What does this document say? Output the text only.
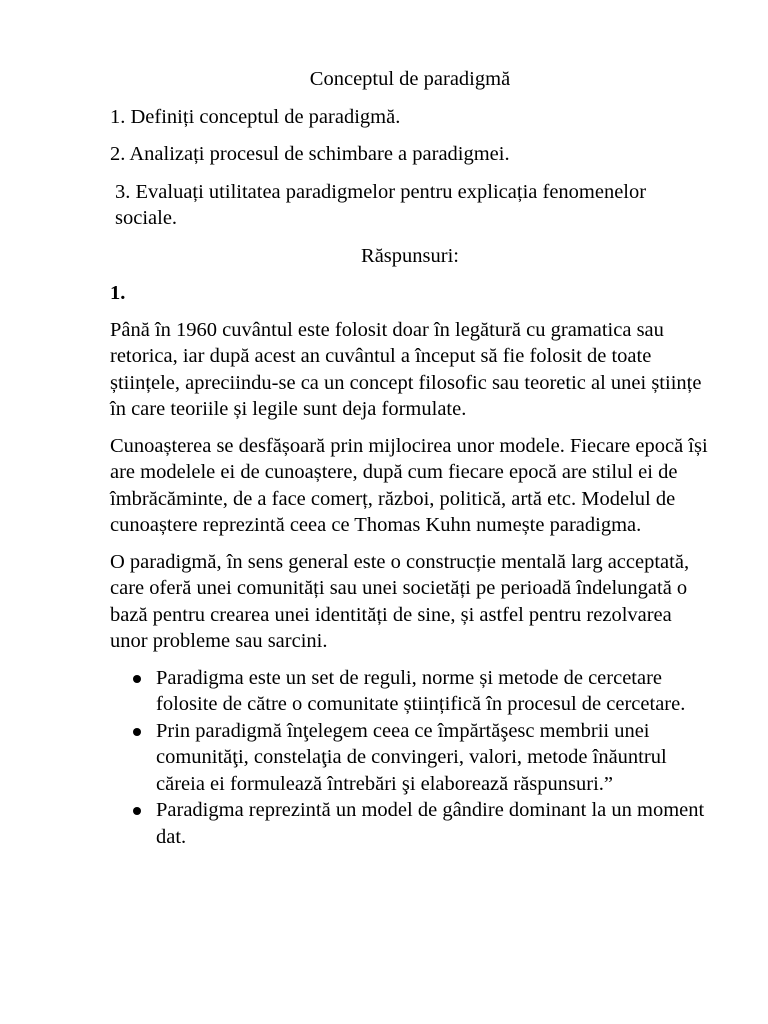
Conceptul de paradigmă
1. Definiți conceptul de paradigmă.
2. Analizați procesul de schimbare a paradigmei.
3. Evaluați utilitatea paradigmelor pentru explicația fenomenelor sociale.
Răspunsuri:
1.
Până în 1960 cuvântul este folosit doar în legătură cu gramatica sau retorica, iar după acest an cuvântul a început să fie folosit de toate științele, apreciindu-se ca un concept filosofic sau teoretic al unei științe în care teoriile și legile sunt deja formulate.
Cunoașterea se desfășoară prin mijlocirea unor modele. Fiecare epocă își are modelele ei de cunoaștere, după cum fiecare epocă are stilul ei de îmbrăcăminte, de a face comerț, război, politică, artă etc. Modelul de cunoaștere reprezintă ceea ce Thomas Kuhn numește paradigma.
O paradigmă, în sens general este o construcție mentală larg acceptată, care oferă unei comunități sau unei societăți pe perioadă îndelungată o bază pentru crearea unei identități de sine, și astfel pentru rezolvarea unor probleme sau sarcini.
Paradigma este un set de reguli, norme și metode de cercetare folosite de către o comunitate științifică în procesul de cercetare.
Prin paradigmă înţelegem ceea ce împărtăşesc membrii unei comunităţi, constelaţia de convingeri, valori, metode înăuntrul căreia ei formulează întrebări şi elaborează răspunsuri.”
Paradigma reprezintă un model de gândire dominant la un moment dat.
